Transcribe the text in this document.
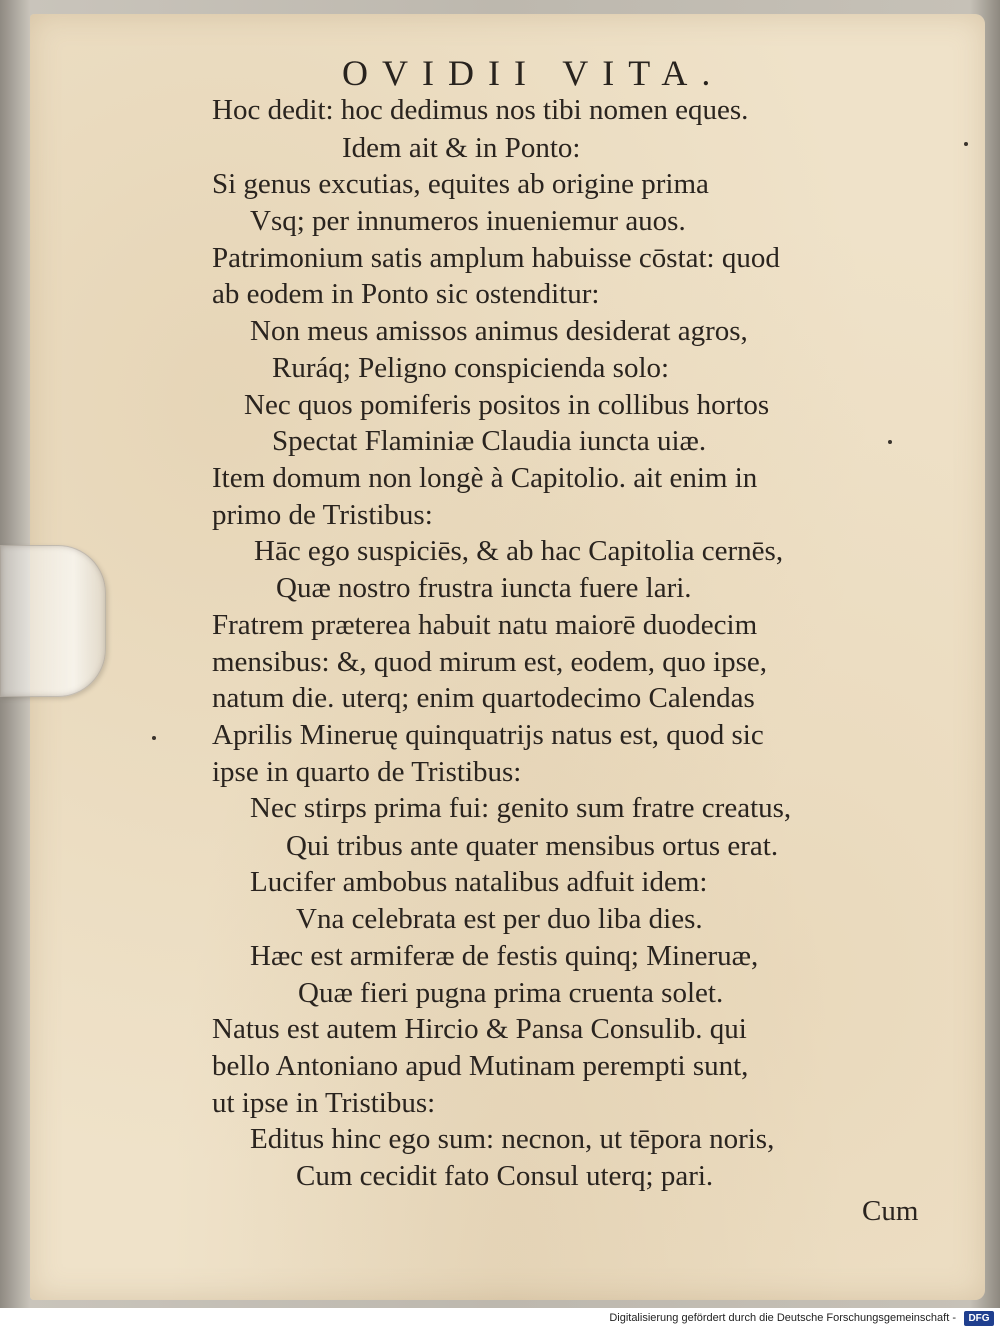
OVIDII VITA.
Hoc dedit: hoc dedimus nos tibi nomen eques.
Idem ait & in Ponto:
Si genus excutias, equites ab origine prima
Vsq; per innumeros inueniemur auos.
Patrimonium satis amplum habuisse cōstat: quod
ab eodem in Ponto sic ostenditur:
Non meus amissos animus desiderat agros,
Ruráq; Peligno conspicienda solo:
Nec quos pomiferis positos in collibus hortos
Spectat Flaminiæ Claudia iuncta uiæ.
Item domum non longè à Capitolio. ait enim in
primo de Tristibus:
Hāc ego suspiciēs, & ab hac Capitolia cernēs,
Quæ nostro frustra iuncta fuere lari.
Fratrem præterea habuit natu maiorē duodecim
mensibus: &, quod mirum est, eodem, quo ipse,
natum die. uterq; enim quartodecimo Calendas
Aprilis Mineruę quinquatrijs natus est, quod sic
ipse in quarto de Tristibus:
Nec stirps prima fui: genito sum fratre creatus,
Qui tribus ante quater mensibus ortus erat.
Lucifer ambobus natalibus adfuit idem:
Vna celebrata est per duo liba dies.
Hæc est armiferæ de festis quinq; Mineruæ,
Quæ fieri pugna prima cruenta solet.
Natus est autem Hircio & Pansa Consulib. qui
bello Antoniano apud Mutinam perempti sunt,
ut ipse in Tristibus:
Editus hinc ego sum: necnon, ut tēpora noris,
Cum cecidit fato Consul uterq; pari.
Cum
Digitalisierung gefördert durch die Deutsche Forschungsgemeinschaft -	DFG
